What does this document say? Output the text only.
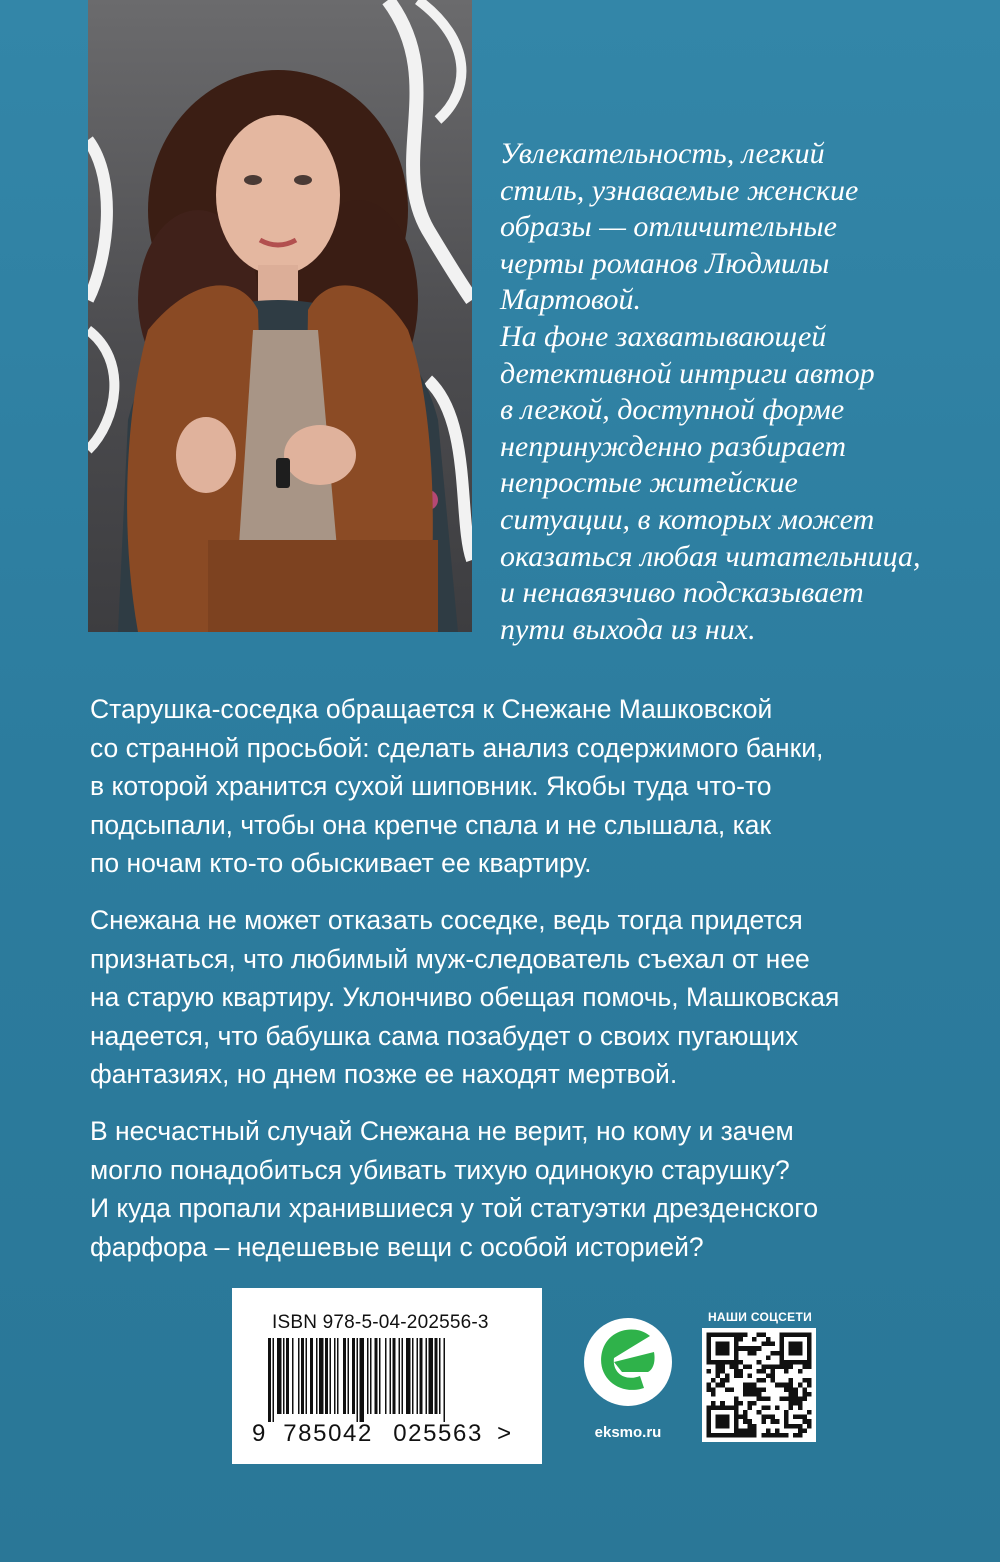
Увлекательность, легкий
стиль, узнаваемые женские
образы — отличительные
черты романов Людмилы
Мартовой.
На фоне захватывающей
детективной интриги автор
в легкой, доступной форме
непринужденно разбирает
непростые житейские
ситуации, в которых может
оказаться любая читательница,
и ненавязчиво подсказывает
пути выхода из них.

Старушка-соседка обращается к Снежане Машковской
со странной просьбой: сделать анализ содержимого банки,
в которой хранится сухой шиповник. Якобы туда что-то
подсыпали, чтобы она крепче спала и не слышала, как
по ночам кто-то обыскивает ее квартиру.

Снежана не может отказать соседке, ведь тогда придется
признаться, что любимый муж-следователь съехал от нее
на старую квартиру. Уклончиво обещая помочь, Машковская
надеется, что бабушка сама позабудет о своих пугающих
фантазиях, но днем позже ее находят мертвой.

В несчастный случай Снежана не верит, но кому и зачем
могло понадобиться убивать тихую одинокую старушку?
И куда пропали хранившиеся у той статуэтки дрезденского
фарфора – недешевые вещи с особой историей?

ISBN 978-5-04-202556-3
9 785042 025563 >	eksmo.ru
НАШИ СОЦСЕТИ
